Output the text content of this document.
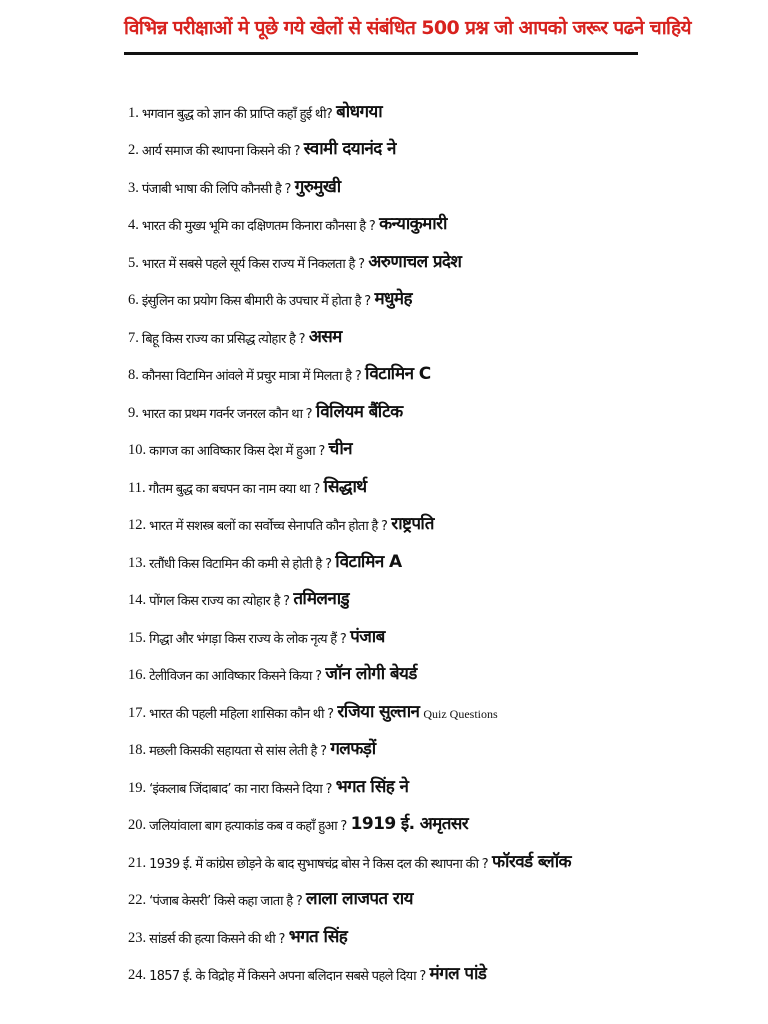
विभिन्न परीक्षाओं मे पूछे गये खेलों से संबंधित 500 प्रश्न जो आपको जरूर पढने चाहिये
1. भगवान बुद्ध को ज्ञान की प्राप्ति कहाँ हुई थी? बोधगया
2. आर्य समाज की स्थापना किसने की ? स्वामी दयानंद ने
3. पंजाबी भाषा की लिपि कौनसी है ? गुरुमुखी
4. भारत की मुख्य भूमि का दक्षिणतम किनारा कौनसा है ? कन्याकुमारी
5. भारत में सबसे पहले सूर्य किस राज्य में निकलता है ? अरुणाचल प्रदेश
6. इंसुलिन का प्रयोग किस बीमारी के उपचार में होता है ? मधुमेह
7. बिहू किस राज्य का प्रसिद्ध त्योहार है ? असम
8. कौनसा विटामिन आंवले में प्रचुर मात्रा में मिलता है ? विटामिन C
9. भारत का प्रथम गवर्नर जनरल कौन था ? विलियम बैंटिक
10. कागज का आविष्कार किस देश में हुआ ? चीन
11. गौतम बुद्ध का बचपन का नाम क्या था ? सिद्धार्थ
12. भारत में सशस्त्र बलों का सर्वोच्च सेनापति कौन होता है ? राष्ट्रपति
13. रतौंधी किस विटामिन की कमी से होती है ? विटामिन A
14. पोंगल किस राज्य का त्योहार है ? तमिलनाडु
15. गिद्धा और भंगड़ा किस राज्य के लोक नृत्य हैं ? पंजाब
16. टेलीविजन का आविष्कार किसने किया ? जॉन लोगी बेयर्ड
17. भारत की पहली महिला शासिका कौन थी ? रजिया सुल्तान Quiz Questions
18. मछली किसकी सहायता से सांस लेती है ? गलफड़ों
19. ‘इंकलाब जिंदाबाद’ का नारा किसने दिया ? भगत सिंह ने
20. जलियांवाला बाग हत्याकांड कब व कहाँ हुआ ? 1919 ई. अमृतसर
21. 1939 ई. में कांग्रेस छोड़ने के बाद सुभाषचंद्र बोस ने किस दल की स्थापना की ? फॉरवर्ड ब्लॉक
22. ‘पंजाब केसरी’ किसे कहा जाता है ? लाला लाजपत राय
23. सांडर्स की हत्या किसने की थी ? भगत सिंह
24. 1857 ई. के विद्रोह में किसने अपना बलिदान सबसे पहले दिया ? मंगल पांडे
